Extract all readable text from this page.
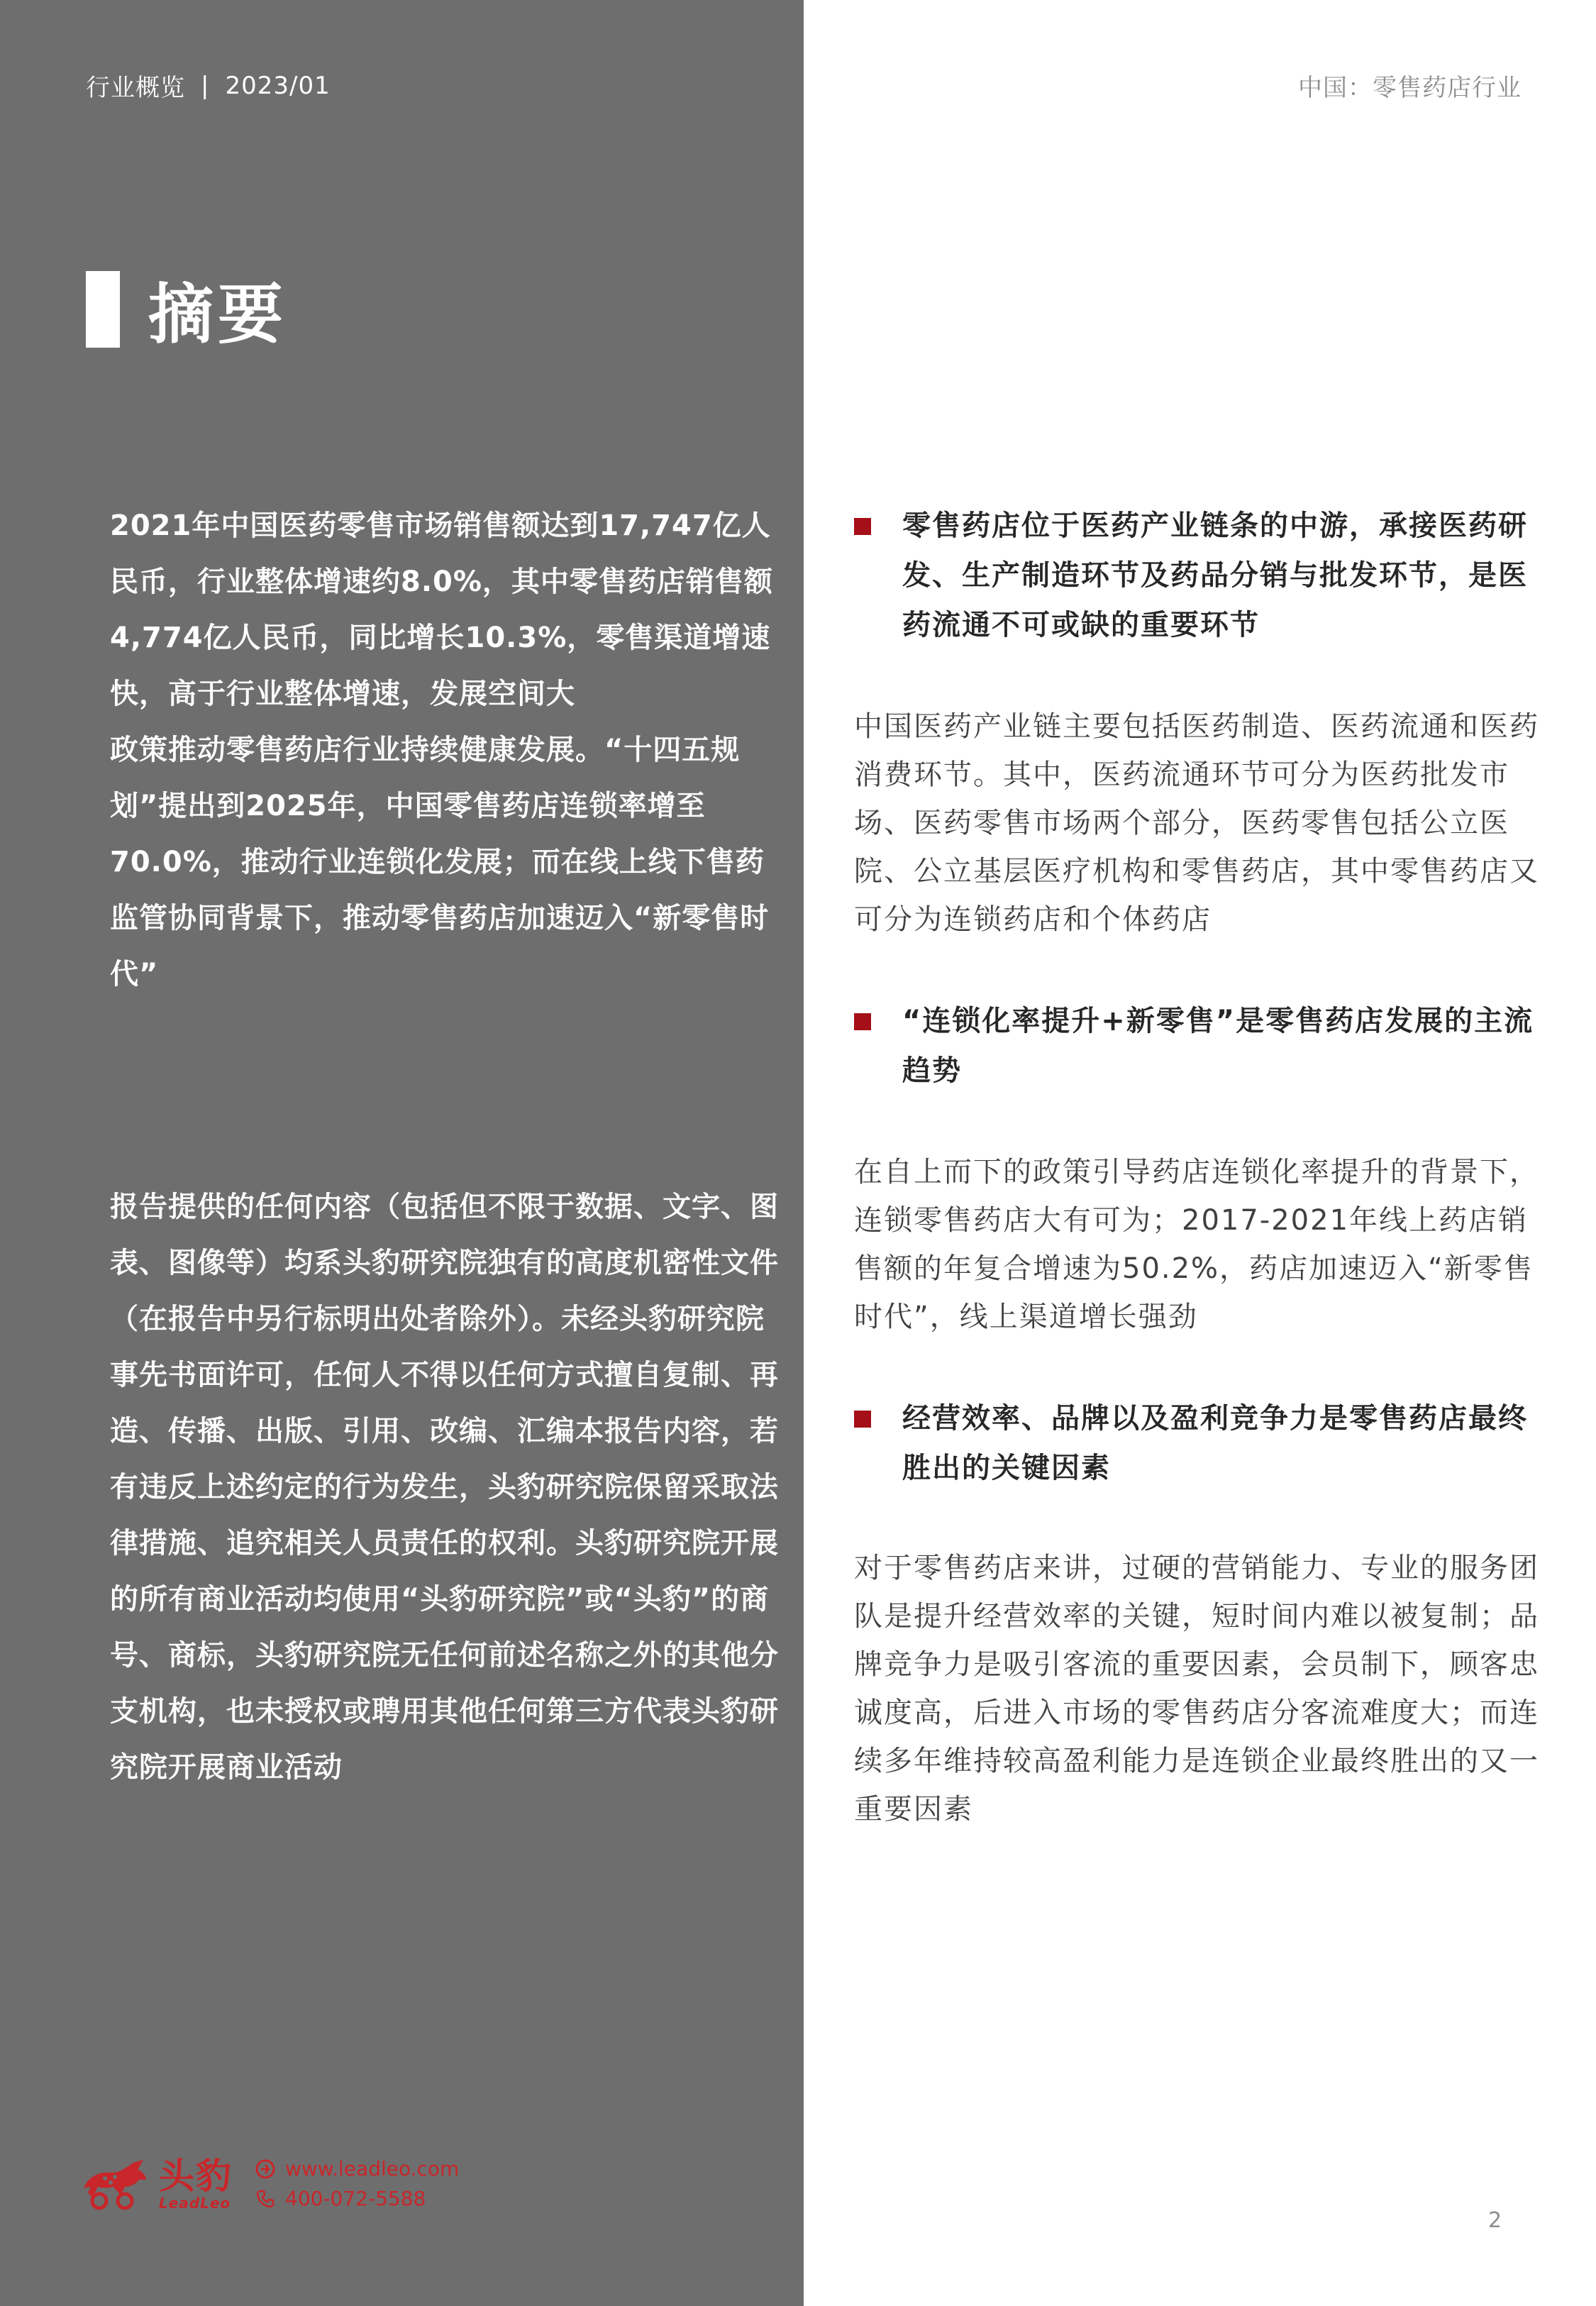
行业概览 | 2023/01	中国：零售药店行业
摘要

2021年中国医药零售市场销售额达到17,747亿人民币，行业整体增速约8.0%，其中零售药店销售额4,774亿人民币，同比增长10.3%，零售渠道增速快，高于行业整体增速，发展空间大

政策推动零售药店行业持续健康发展。“十四五规划”提出到2025年，中国零售药店连锁率增至70.0%，推动行业连锁化发展；而在线上线下售药监管协同背景下，推动零售药店加速迈入“新零售时代”

报告提供的任何内容（包括但不限于数据、文字、图表、图像等）均系头豹研究院独有的高度机密性文件（在报告中另行标明出处者除外）。未经头豹研究院事先书面许可，任何人不得以任何方式擅自复制、再造、传播、出版、引用、改编、汇编本报告内容，若有违反上述约定的行为发生，头豹研究院保留采取法律措施、追究相关人员责任的权利。头豹研究院开展的所有商业活动均使用“头豹研究院”或“头豹”的商号、商标，头豹研究院无任何前述名称之外的其他分支机构，也未授权或聘用其他任何第三方代表头豹研究院开展商业活动

头豹
LeadLeo
www.leadleo.com
400-072-5588
零售药店位于医药产业链条的中游，承接医药研发、生产制造环节及药品分销与批发环节，是医药流通不可或缺的重要环节
中国医药产业链主要包括医药制造、医药流通和医药消费环节。其中，医药流通环节可分为医药批发市场、医药零售市场两个部分，医药零售包括公立医院、公立基层医疗机构和零售药店，其中零售药店又可分为连锁药店和个体药店
“连锁化率提升+新零售”是零售药店发展的主流趋势
在自上而下的政策引导药店连锁化率提升的背景下，连锁零售药店大有可为；2017-2021年线上药店销售额的年复合增速为50.2%，药店加速迈入“新零售时代”，线上渠道增长强劲
经营效率、品牌以及盈利竞争力是零售药店最终胜出的关键因素
对于零售药店来讲，过硬的营销能力、专业的服务团队是提升经营效率的关键，短时间内难以被复制；品牌竞争力是吸引客流的重要因素，会员制下，顾客忠诚度高，后进入市场的零售药店分客流难度大；而连续多年维持较高盈利能力是连锁企业最终胜出的又一重要因素
2
